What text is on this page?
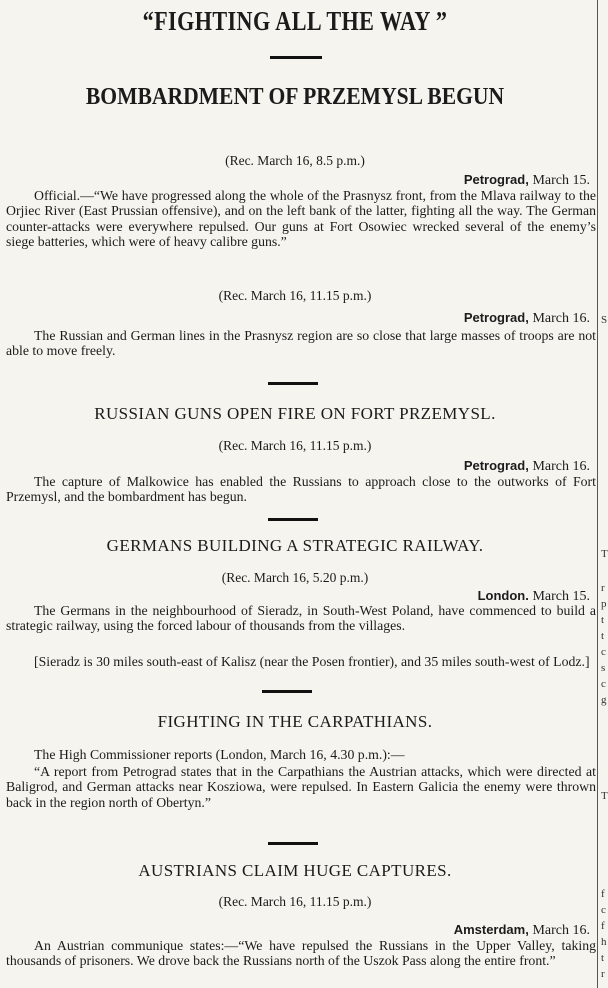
“FIGHTING ALL THE WAY ”
BOMBARDMENT OF PRZEMYSL BEGUN
(Rec. March 16, 8.5 p.m.)
Petrograd, March 15.
Official.—“We have progressed along the whole of the Prasnysz front, from the Mlava railway to the Orjiec River (East Prussian offensive), and on the left bank of the latter, fighting all the way. The German counter-attacks were everywhere repulsed. Our guns at Fort Osowiec wrecked several of the enemy’s siege batteries, which were of heavy calibre guns.”
(Rec. March 16, 11.15 p.m.)
Petrograd, March 16.
The Russian and German lines in the Prasnysz region are so close that large masses of troops are not able to move freely.
RUSSIAN GUNS OPEN FIRE ON FORT PRZEMYSL.
(Rec. March 16, 11.15 p.m.)
Petrograd, March 16.
The capture of Malkowice has enabled the Russians to approach close to the outworks of Fort Przemysl, and the bombardment has begun.
GERMANS BUILDING A STRATEGIC RAILWAY.
(Rec. March 16, 5.20 p.m.)
London. March 15.
The Germans in the neighbourhood of Sieradz, in South-West Poland, have commenced to build a strategic railway, using the forced labour of thousands from the villages.
[Sieradz is 30 miles south-east of Kalisz (near the Posen frontier), and 35 miles south-west of Lodz.]
FIGHTING IN THE CARPATHIANS.
The High Commissioner reports (London, March 16, 4.30 p.m.):—
“A report from Petrograd states that in the Carpathians the Austrian attacks, which were directed at Baligrod, and German attacks near Kosziowa, were repulsed. In Eastern Galicia the enemy were thrown back in the region north of Obertyn.”
AUSTRIANS CLAIM HUGE CAPTURES.
(Rec. March 16, 11.15 p.m.)
Amsterdam, March 16.
An Austrian communique states:—“We have repulsed the Russians in the Upper Valley, taking thousands of prisoners. We drove back the Russians north of the Uszok Pass along the entire front.”
S
T
r
p
t
t
c
s
c
g
T
f
c
f
h
t
r
